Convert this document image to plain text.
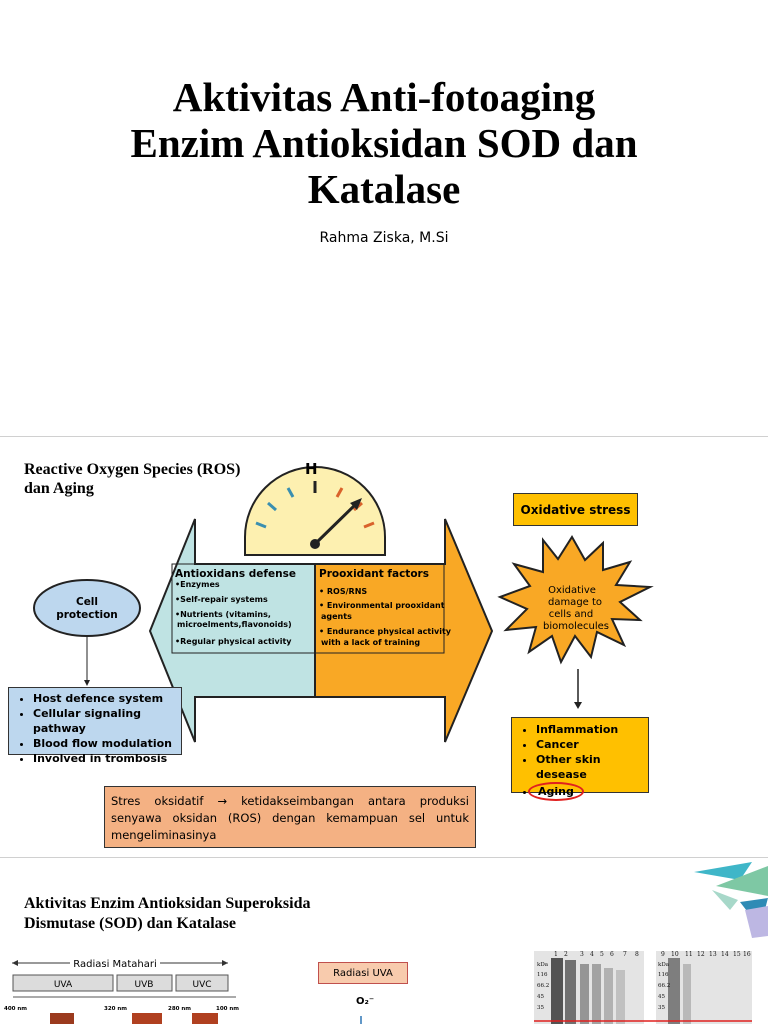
Aktivitas Anti-fotoaging
Enzim Antioksidan SOD dan
Katalase
Rahma Ziska, M.Si
Reactive Oxygen Species (ROS)
dan Aging
H
Antioxidans defense
•Enzymes
•Self-repair systems
•Nutrients (vitamins,
microelments,flavonoids)
•Regular physical activity
Prooxidant factors
• ROS/RNS
• Environmental prooxidant
agents
• Endurance physical activity
with a lack of training
Cell
protection
Oxidative
damage to
cells and
biomolecules
Oxidative stress
• Host defence system
• Cellular signaling pathway
• Blood flow modulation
• Involved in trombosis
• Inflammation
• Cancer
• Other skin desease
• Aging
Stres oksidatif → ketidakseimbangan antara produksi senyawa oksidan (ROS) dengan kemampuan sel untuk mengeliminasinya
Aktivitas Enzim Antioksidan Superoksida
Dismutase (SOD) dan Katalase
Radiasi Matahari
UVA	UVB	UVC
400 nm	320 nm	280 nm	100 nm
1 2 3 4 5 6 7 8	9 10 11 12 13 14 15 16
kDa
116
66.2
45
35
kDa
116
66.2
45
35
Radiasi UVA
O₂⁻
